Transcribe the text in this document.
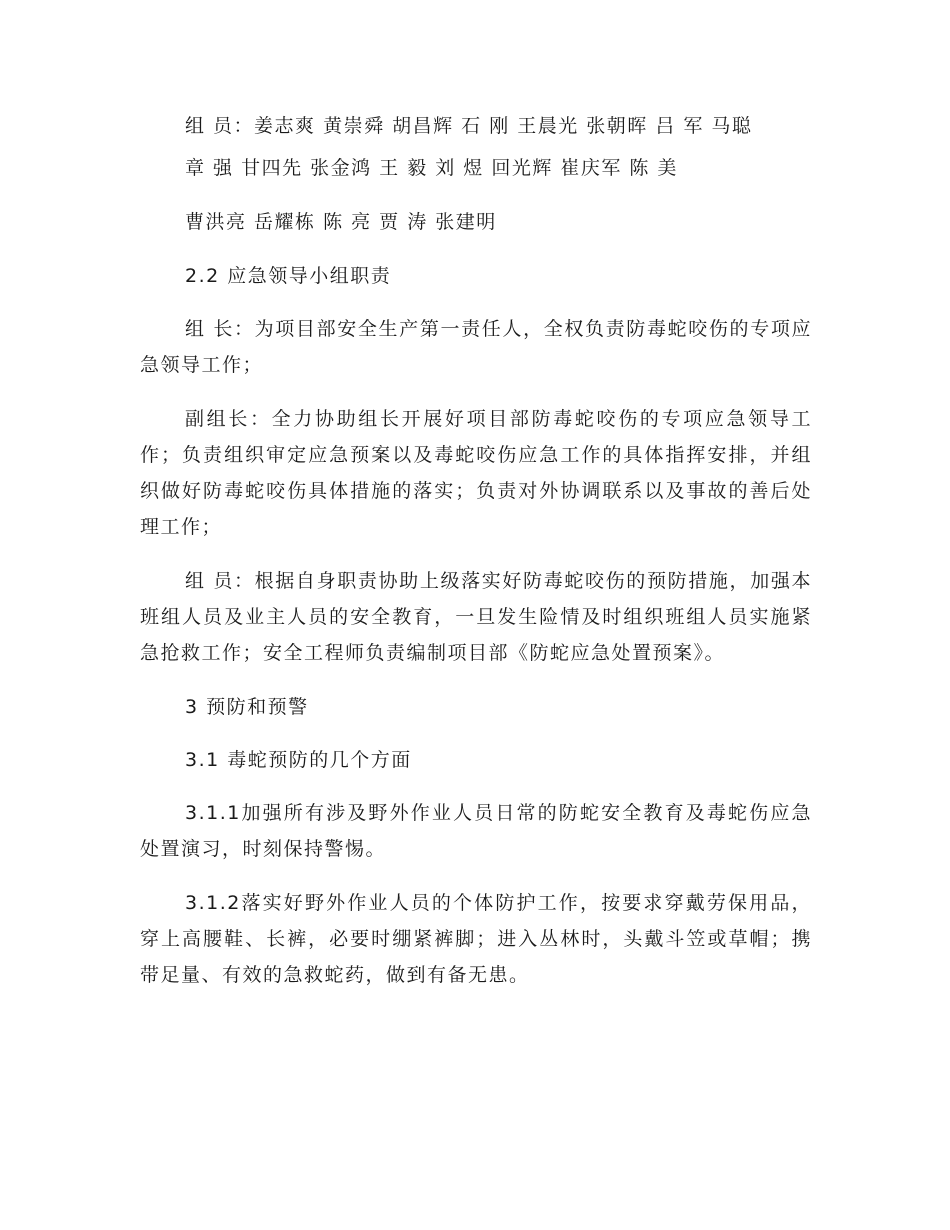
组 员：姜志爽 黄崇舜 胡昌辉 石 刚 王晨光 张朝晖 吕 军 马聪

章 强 甘四先 张金鸿 王 毅 刘 煜 回光辉 崔庆军 陈 美

曹洪亮 岳耀栋 陈 亮 贾 涛 张建明

2.2 应急领导小组职责

组 长：为项目部安全生产第一责任人，全权负责防毒蛇咬伤的专项应急领导工作；

副组长：全力协助组长开展好项目部防毒蛇咬伤的专项应急领导工作；负责组织审定应急预案以及毒蛇咬伤应急工作的具体指挥安排，并组织做好防毒蛇咬伤具体措施的落实；负责对外协调联系以及事故的善后处理工作；

组 员：根据自身职责协助上级落实好防毒蛇咬伤的预防措施，加强本班组人员及业主人员的安全教育，一旦发生险情及时组织班组人员实施紧急抢救工作；安全工程师负责编制项目部《防蛇应急处置预案》。

3 预防和预警

3.1 毒蛇预防的几个方面

3.1.1加强所有涉及野外作业人员日常的防蛇安全教育及毒蛇伤应急处置演习，时刻保持警惕。

3.1.2落实好野外作业人员的个体防护工作，按要求穿戴劳保用品，穿上高腰鞋、长裤，必要时绷紧裤脚；进入丛林时，头戴斗笠或草帽；携带足量、有效的急救蛇药，做到有备无患。
